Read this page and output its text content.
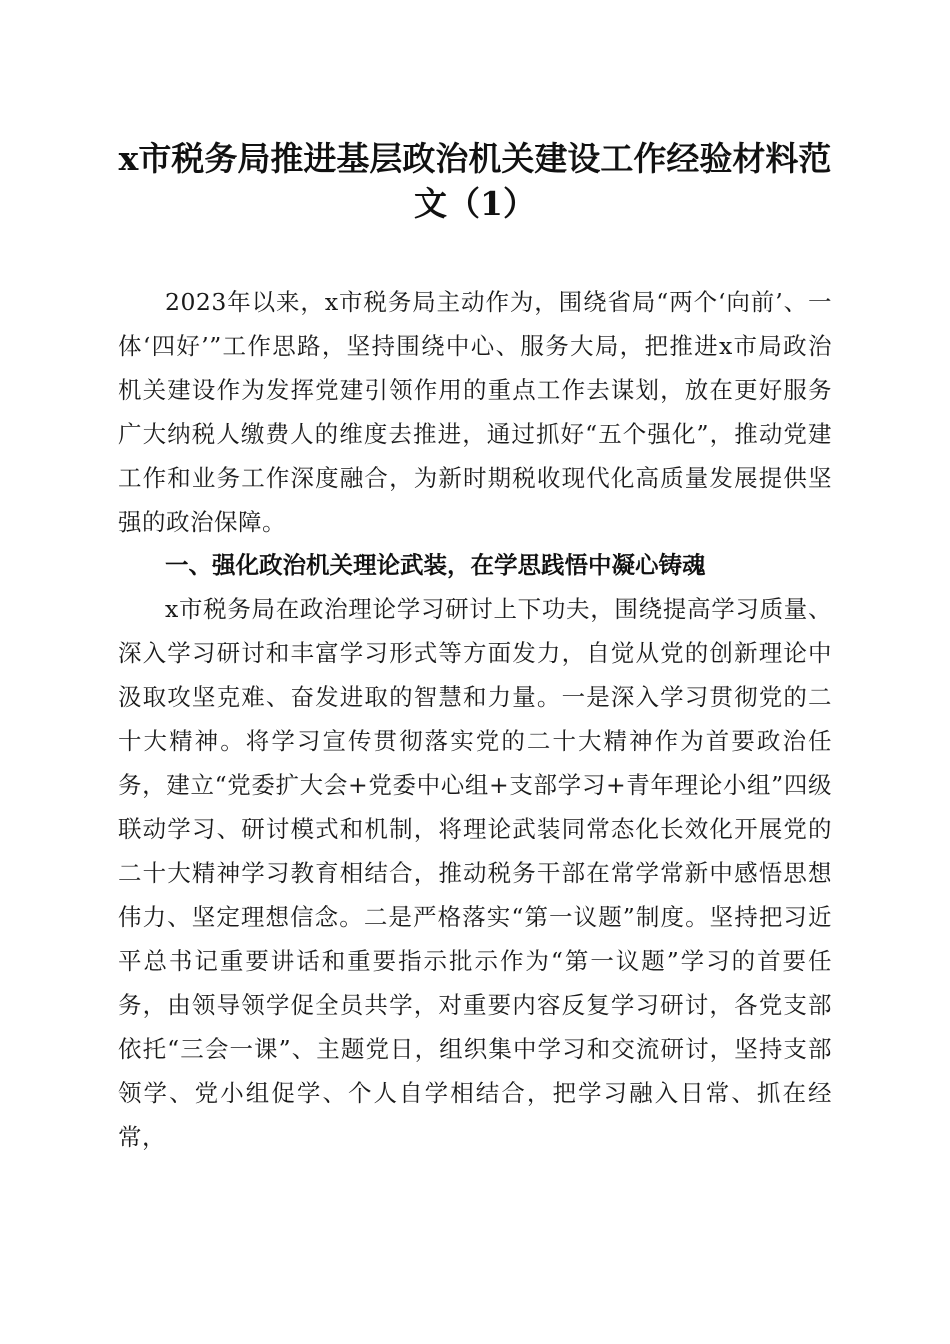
x市税务局推进基层政治机关建设工作经验材料范文（1）

2023年以来，x市税务局主动作为，围绕省局“两个‘向前’、一体‘四好’”工作思路，坚持围绕中心、服务大局，把推进x市局政治机关建设作为发挥党建引领作用的重点工作去谋划，放在更好服务广大纳税人缴费人的维度去推进，通过抓好“五个强化”，推动党建工作和业务工作深度融合，为新时期税收现代化高质量发展提供坚强的政治保障。

一、强化政治机关理论武装，在学思践悟中凝心铸魂

x市税务局在政治理论学习研讨上下功夫，围绕提高学习质量、深入学习研讨和丰富学习形式等方面发力，自觉从党的创新理论中汲取攻坚克难、奋发进取的智慧和力量。一是深入学习贯彻党的二十大精神。将学习宣传贯彻落实党的二十大精神作为首要政治任务，建立“党委扩大会+党委中心组+支部学习+青年理论小组”四级联动学习、研讨模式和机制，将理论武装同常态化长效化开展党的二十大精神学习教育相结合，推动税务干部在常学常新中感悟思想伟力、坚定理想信念。二是严格落实“第一议题”制度。坚持把习近平总书记重要讲话和重要指示批示作为“第一议题”学习的首要任务，由领导领学促全员共学，对重要内容反复学习研讨，各党支部依托“三会一课”、主题党日，组织集中学习和交流研讨，坚持支部领学、党小组促学、个人自学相结合，把学习融入日常、抓在经常，
